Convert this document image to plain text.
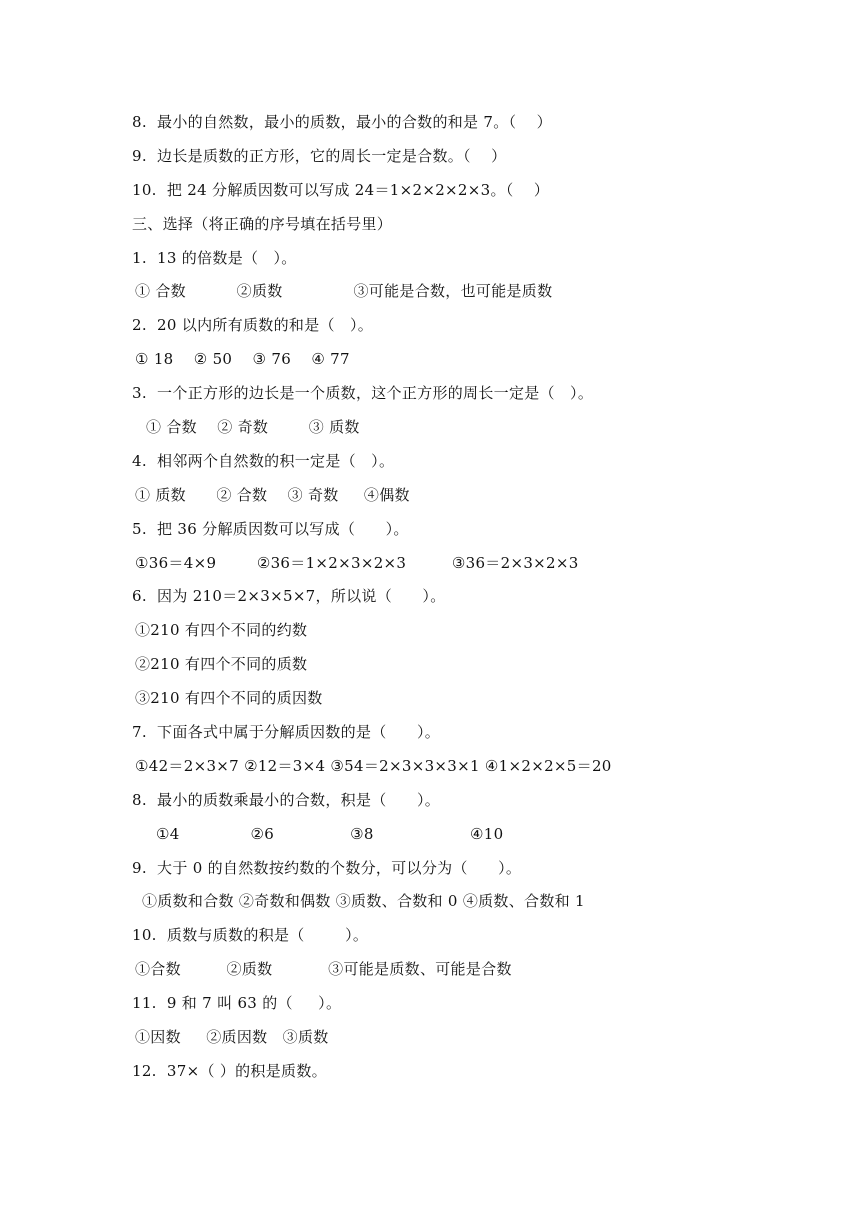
8.  最小的自然数，最小的质数，最小的合数的和是 7。（    ）
9.  边长是质数的正方形，它的周长一定是合数。（    ）
10.  把 24 分解质因数可以写成 24＝1×2×2×2×3。（    ）
三、选择（将正确的序号填在括号里）
1.  13 的倍数是（   ）。
① 合数          ②质数              ③可能是合数，也可能是质数
2.  20 以内所有质数的和是（   ）。
① 18    ② 50    ③ 76    ④ 77
3.  一个正方形的边长是一个质数，这个正方形的周长一定是（   ）。
① 合数    ② 奇数        ③ 质数
4.  相邻两个自然数的积一定是（   ）。
① 质数      ② 合数    ③ 奇数     ④偶数
5.  把 36 分解质因数可以写成（      ）。
①36＝4×9        ②36＝1×2×3×2×3         ③36＝2×3×2×3
6.  因为 210＝2×3×5×7，所以说（      ）。
①210 有四个不同的约数
②210 有四个不同的质数
③210 有四个不同的质因数
7.  下面各式中属于分解质因数的是（      ）。
①42＝2×3×7 ②12＝3×4 ③54＝2×3×3×3×1 ④1×2×2×5＝20
8.  最小的质数乘最小的合数，积是（      ）。
①4              ②6               ③8                   ④10
9.  大于 0 的自然数按约数的个数分，可以分为（      ）。
①质数和合数 ②奇数和偶数 ③质数、合数和 0 ④质数、合数和 1
10.  质数与质数的积是（        ）。
①合数         ②质数           ③可能是质数、可能是合数
11.  9 和 7 叫 63 的（     ）。
①因数     ②质因数   ③质数
12.  37×（ ）的积是质数。
